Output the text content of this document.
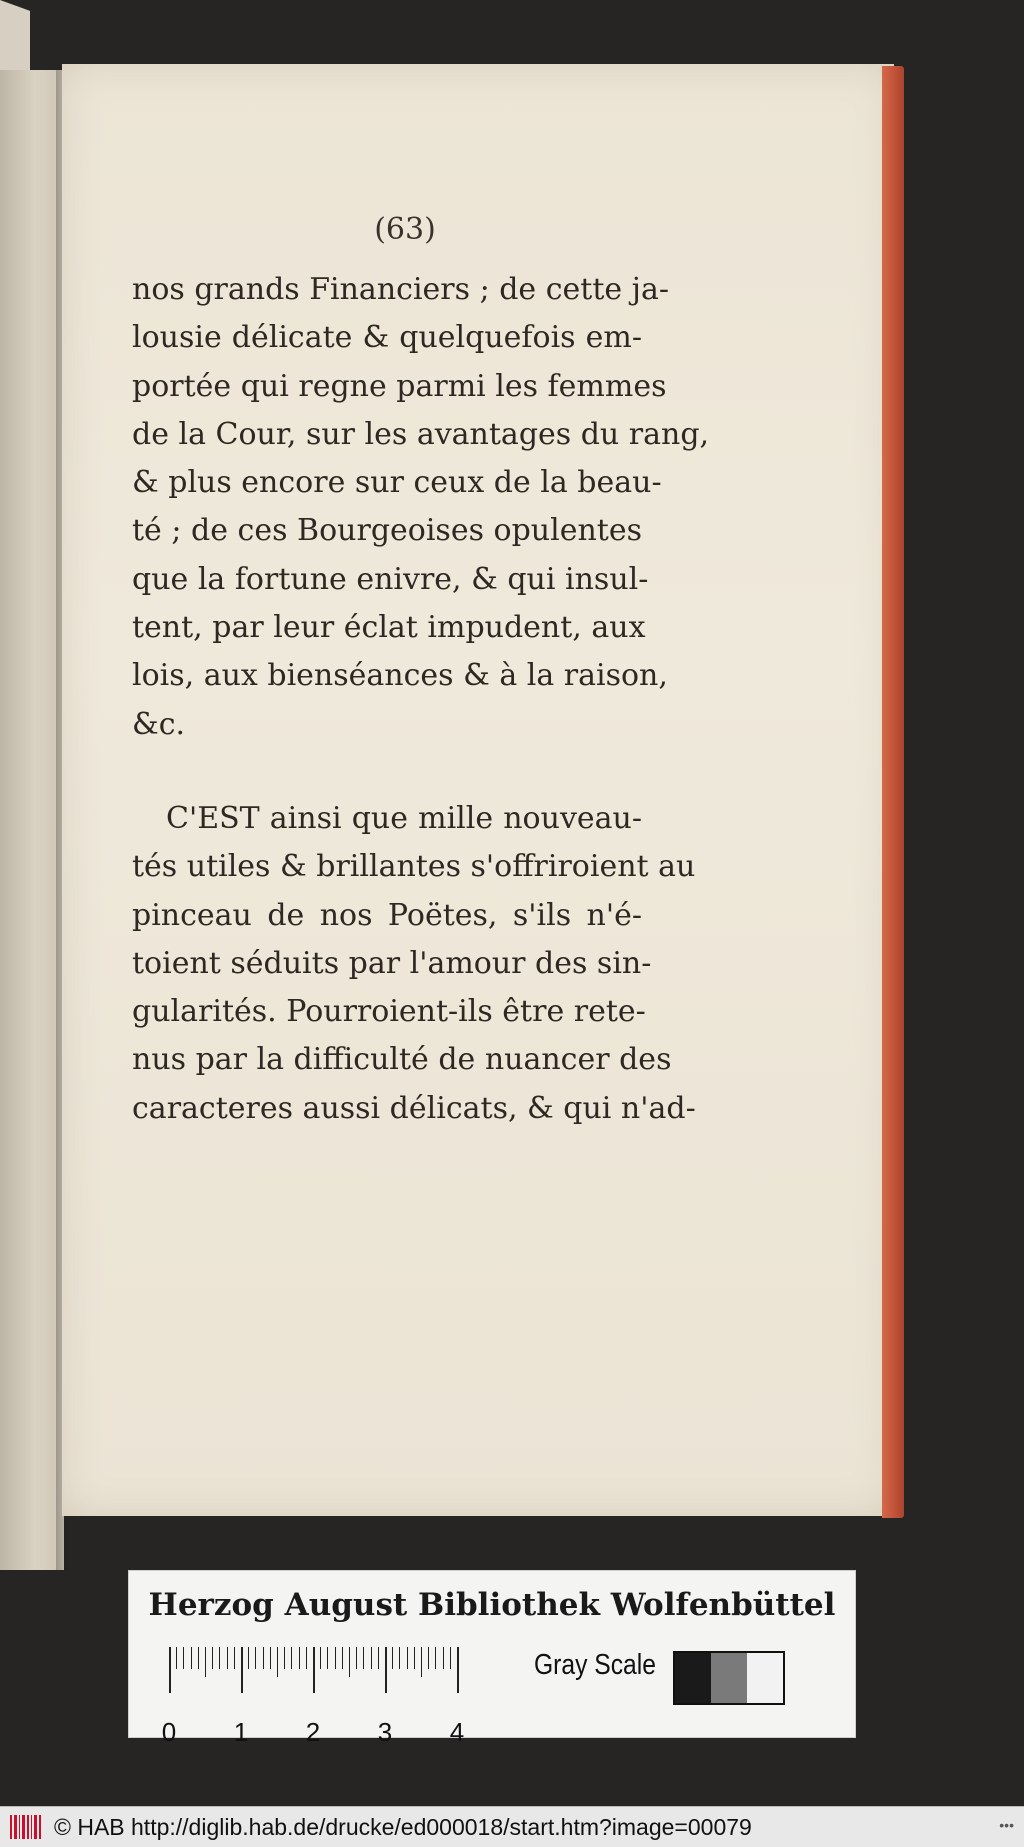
(63)
nos grands Financiers ; de cette ja-
lousie délicate & quelquefois em-
portée qui regne parmi les femmes
de la Cour, sur les avantages du rang,
& plus encore sur ceux de la beau-
té ; de ces Bourgeoises opulentes
que la fortune enivre, & qui insul-
tent, par leur éclat impudent, aux
lois, aux bienséances & à la raison,
&c.
C'EST ainsi que mille nouveau-
tés utiles & brillantes s'offriroient au
pinceau de nos Poëtes, s'ils n'é-
toient séduits par l'amour des sin-
gularités. Pourroient-ils être rete-
nus par la difficulté de nuancer des
caracteres aussi délicats, & qui n'ad-
Herzog August Bibliothek Wolfenbüttel
0 1 2 3 4
Gray Scale
© HAB http://diglib.hab.de/drucke/ed000018/start.htm?image=00079	•••
